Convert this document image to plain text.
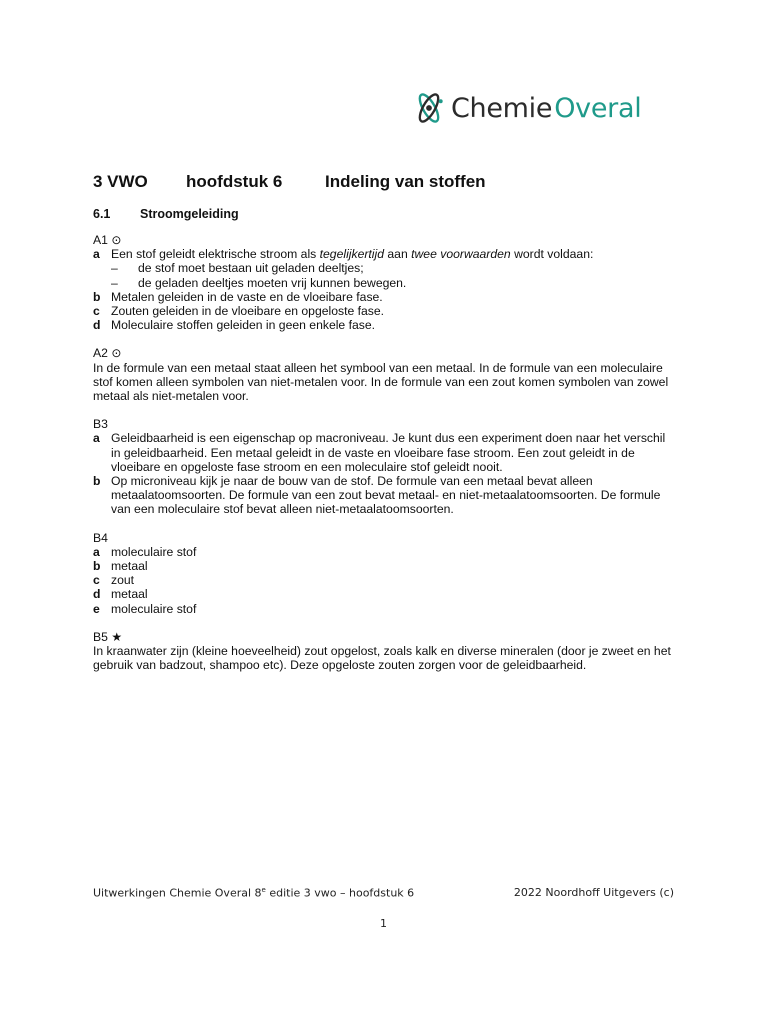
ChemieOveral
3 VWO hoofdstuk 6	Indeling van stoffen
6.1 Stroomgeleiding
A1 ⊙
a Een stof geleidt elektrische stroom als tegelijkertijd aan twee voorwaarden wordt voldaan:
–	de stof moet bestaan uit geladen deeltjes;
–	de geladen deeltjes moeten vrij kunnen bewegen.
b Metalen geleiden in de vaste en de vloeibare fase.
c Zouten geleiden in de vloeibare en opgeloste fase.
d Moleculaire stoffen geleiden in geen enkele fase.
A2 ⊙
In de formule van een metaal staat alleen het symbool van een metaal. In de formule van een moleculaire stof komen alleen symbolen van niet-metalen voor. In de formule van een zout komen symbolen van zowel metaal als niet-metalen voor.
B3
a Geleidbaarheid is een eigenschap op macroniveau. Je kunt dus een experiment doen naar het verschil in geleidbaarheid. Een metaal geleidt in de vaste en vloeibare fase stroom. Een zout geleidt in de vloeibare en opgeloste fase stroom en een moleculaire stof geleidt nooit.
b Op microniveau kijk je naar de bouw van de stof. De formule van een metaal bevat alleen metaalatoomsoorten. De formule van een zout bevat metaal- en niet-metaalatoomsoorten. De formule van een moleculaire stof bevat alleen niet-metaalatoomsoorten.
B4
a moleculaire stof
b metaal
c zout
d metaal
e moleculaire stof
B5 ★
In kraanwater zijn (kleine hoeveelheid) zout opgelost, zoals kalk en diverse mineralen (door je zweet en het gebruik van badzout, shampoo etc). Deze opgeloste zouten zorgen voor de geleidbaarheid.
Uitwerkingen Chemie Overal 8e editie 3 vwo – hoofdstuk 6	2022 Noordhoff Uitgevers (c)
1
